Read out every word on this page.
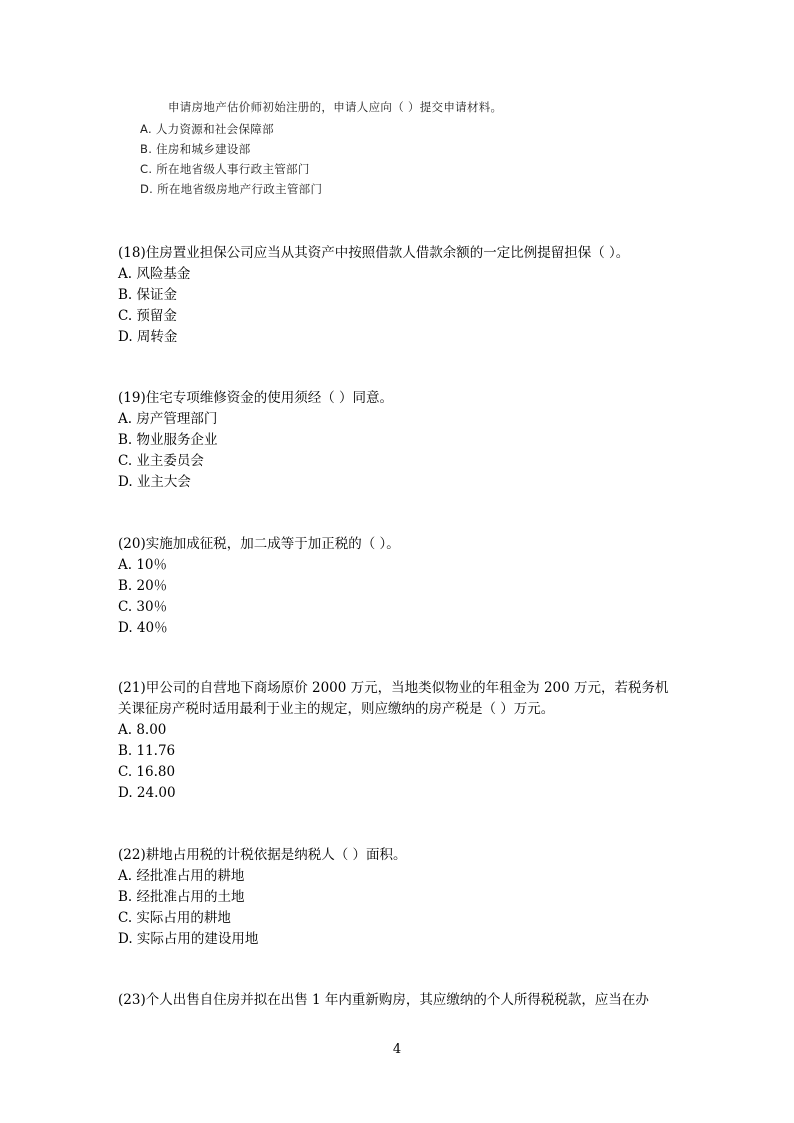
申请房地产估价师初始注册的，申请人应向（ ）提交申请材料。
A. 人力资源和社会保障部
B. 住房和城乡建设部
C. 所在地省级人事行政主管部门
D. 所在地省级房地产行政主管部门
(18)住房置业担保公司应当从其资产中按照借款人借款余额的一定比例提留担保（ ）。
A. 风险基金
B. 保证金
C. 预留金
D. 周转金
(19)住宅专项维修资金的使用须经（ ）同意。
A. 房产管理部门
B. 物业服务企业
C. 业主委员会
D. 业主大会
(20)实施加成征税，加二成等于加正税的（ ）。
A. 10％
B. 20％
C. 30％
D. 40％
(21)甲公司的自营地下商场原价 2000 万元，当地类似物业的年租金为 200 万元，若税务机
关课征房产税时适用最利于业主的规定，则应缴纳的房产税是（ ）万元。
A. 8.00
B. 11.76
C. 16.80
D. 24.00
(22)耕地占用税的计税依据是纳税人（ ）面积。
A. 经批准占用的耕地
B. 经批准占用的土地
C. 实际占用的耕地
D. 实际占用的建设用地
(23)个人出售自住房并拟在出售 1 年内重新购房，其应缴纳的个人所得税税款，应当在办
4
